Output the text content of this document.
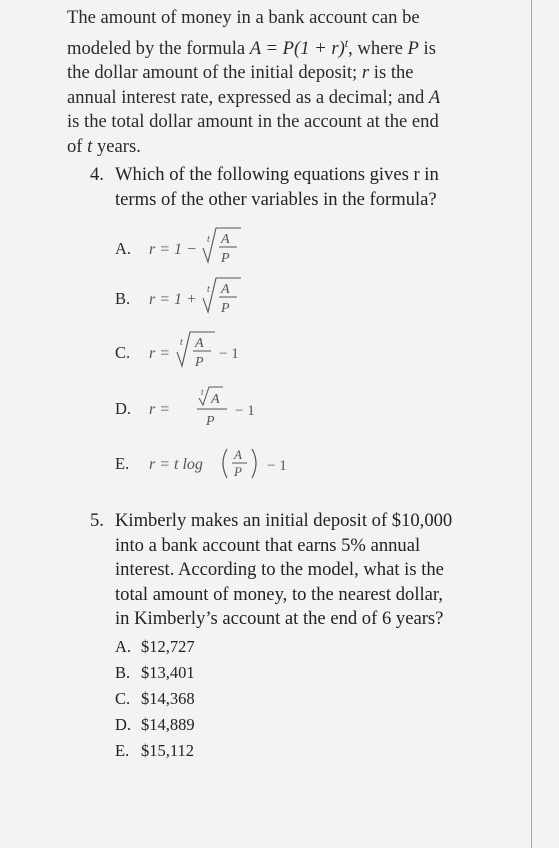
The amount of money in a bank account can be
modeled by the formula $A = P(1 + r)^t$, where P is
the dollar amount of the initial deposit; r is the
annual interest rate, expressed as a decimal; and A
is the total dollar amount in the account at the end
of t years.
4. Which of the following equations gives r in
terms of the other variables in the formula?
A. r = 1 −
t A
P
B. r = 1 +
t A
P
C. r =
t A
P
− 1
D. r =
t A
P
− 1
E. r = t log
A
P − 1
5. Kimberly makes an initial deposit of $10,000
into a bank account that earns 5% annual
interest. According to the model, what is the
total amount of money, to the nearest dollar,
in Kimberly’s account at the end of 6 years?
A. $12,727
B. $13,401
C. $14,368
D. $14,889
E. $15,112
